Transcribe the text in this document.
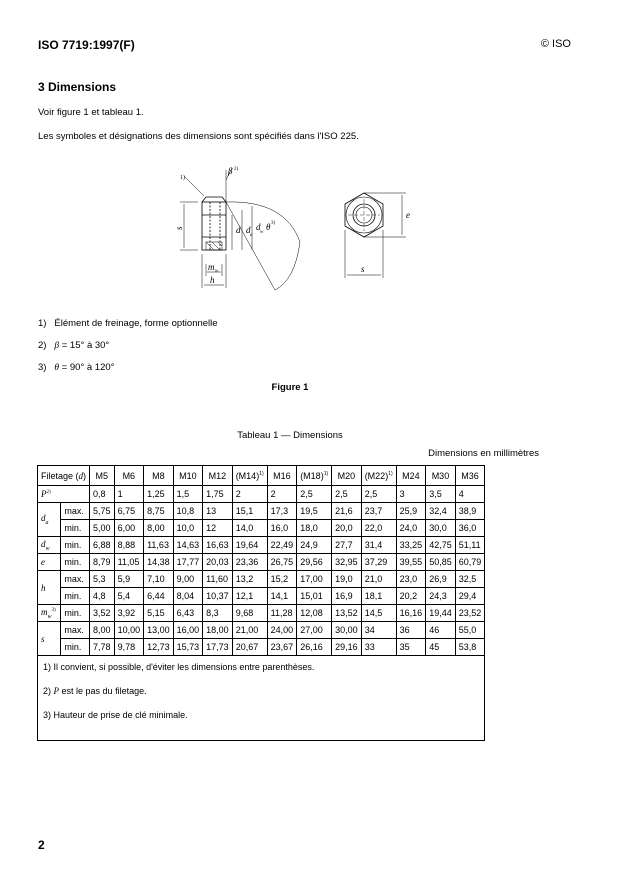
ISO 7719:1997(F)	© ISO
3 Dimensions
Voir figure 1 et tableau 1.
Les symboles et désignations des dimensions sont spécifiés dans l'ISO 225.
1)
β 2)
s	d d
a
d
w
θ 3)
m w
h
e
s
1) Élément de freinage, forme optionnelle
2) β = 15° à 30°
3) θ = 90° à 120°
Figure 1
Tableau 1 — Dimensions
Dimensions en millimètres
Filetage (d)		M5	M6	M8	M10	M12	$(M14)^{1)}$	M16	$(M18)^{1)}$	M20	$(M22)^{1)}$	M24	M30	M36
$P^{2)}$		0,8	1	1,25	1,5	1,75	2	2	2,5	2,5	2,5	3	3,5	4
$d_a$	max.	5,75	6,75	8,75	10,8	13	15,1	17,3	19,5	21,6	23,7	25,9	32,4	38,9
	min.	5,00	6,00	8,00	10,0	12	14,0	16,0	18,0	20,0	22,0	24,0	30,0	36,0
$d_w$	min.	6,88	8,88	11,63	14,63	16,63	19,64	22,49	24,9	27,7	31,4	33,25	42,75	51,11
e	min.	8,79	11,05	14,38	17,77	20,03	23,36	26,75	29,56	32,95	37,29	39,55	50,85	60,79
h	max.	5,3	5,9	7,10	9,00	11,60	13,2	15,2	17,00	19,0	21,0	23,0	26,9	32,5
	min.	4,8	5,4	6,44	8,04	10,37	12,1	14,1	15,01	16,9	18,1	20,2	24,3	29,4
$m_w^{3)}$	min.	3,52	3,92	5,15	6,43	8,3	9,68	11,28	12,08	13,52	14,5	16,16	19,44	23,52
s	max.	8,00	10,00	13,00	16,00	18,00	21,00	24,00	27,00	30,00	34	36	46	55,0
	min.	7,78	9,78	12,73	15,73	17,73	20,67	23,67	26,16	29,16	33	35	45	53,8

1) Il convient, si possible, d'éviter les dimensions entre parenthèses.
2) P est le pas du filetage.
3) Hauteur de prise de clé minimale.														
2
